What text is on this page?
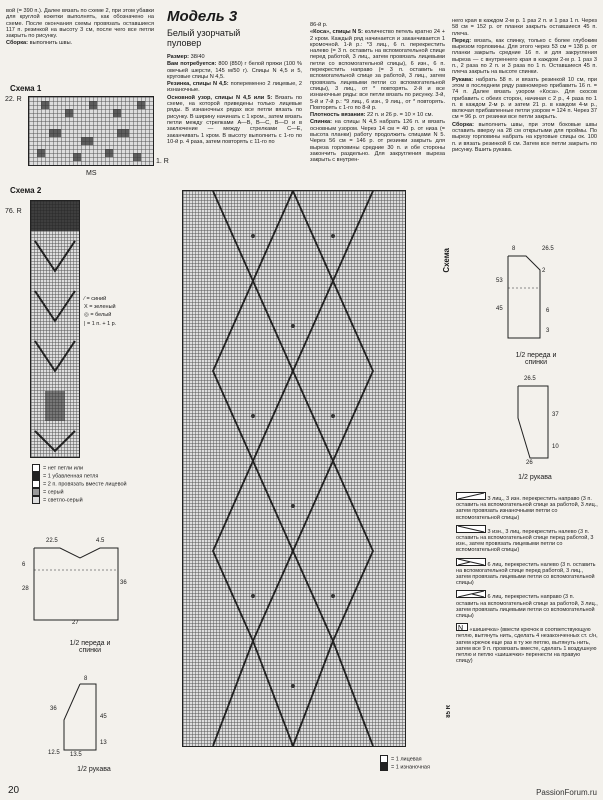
вой (= 390 п.). Далее вязать по схеме 2, при этом убавки для круглой кокетки выполнять, как обозначено на схеме. После окончания схемы провязать оставшиеся 117 п. резинкой на высоту 3 см, после чего все петли закрыть по рисунку.

Сборка: выполнить швы.

Схема 1
22. R
1. R
MS
Схема 2
76. R
⁄ = синий
X = зеленый
◎ = белый
| = 1 п. + 1 р.
= нет петли или
= 1 убавленная петля
= 2 п. провязать вместе лицевой
= серый
= светло-серый
22.5	4.5
6
28
36
27
1/2 переда и спинки
8
36
45
12.5 13.5
13
1/2 рукава
20
Модель 3
Белый узорчатый пуловер

Размер: 38/40

Вам потребуется: 800 (850) г белой пряжи (100 % овечьей шерсти, 145 м/50 г). Спицы N 4,5 и 5, круговые спицы N 4,5.

Резинка, спицы N 4,5: попеременно 2 лицевые, 2 изнаночные.

Основной узор, спицы N 4,5 или 5: Вязать по схеме, на которой приведены только лицевые ряды. В изнаночных рядах все петли вязать по рисунку. В ширину начинать с 1 кром., затем вязать петли между стрелками А—В, В—С, В—D и в заключение — между стрелками C—E, заканчивать 1 кром. В высоту выполнить с 1-го по 10-й р. 4 раза, затем повторять с 11-го по

86-й р.

«Коса», спицы N 5: количество петель кратно 24 + 2 кром. Каждый ряд начинается и заканчивается 1 кромочной. 1-й р.: *3 лиц., 6 п. перекрестить налево (= 3 п. оставить на вспомогательной спице перед работой, 3 лиц., затем провязать лицевыми петли со вспомогательной спицы), 6 изн., 6 п. перекрестить направо (= 3 п. оставить на вспомогательной спице за работой, 3 лиц., затем провязать лицевыми петли со вспомогательной спицы), 3 лиц., от * повторять. 2-й и все изнаночные ряды: все петли вязать по рисунку. 3-й, 5-й и 7-й р.: *9 лиц., 6 изн., 9 лиц., от * повторять. Повторять с 1-го по 8-й р.

Плотность вязания: 22 п. и 26 р. = 10 × 10 см.

Спинка: на спицы N 4,5 набрать 126 п. и вязать основным узором. Через 14 см = 40 р. от низа (= высота планки) работу продолжить спицами N 5. Через 56 см = 146 р. от резинки закрыть для выреза горловины средние 30 п. и обе стороны закончить раздельно. Для закругления выреза закрыть с внутрен-

него края в каждом 2-м р. 1 раз 2 п. и 1 раз 1 п. Через 58 см = 152 р. от планки закрыть оставшиеся 45 п. плеча.

Перед: вязать, как спинку, только с более глубоким вырезом горловины. Для этого через 53 см = 138 р. от планки закрыть средние 16 п. и для закругления выреза — с внутреннего края в каждом 2-м р. 1 раз 3 п., 2 раза по 2 п. и 3 раза по 1 п. Оставшиеся 45 п. плеча закрыть на высоте спинки.

Рукава: набрать 58 п. и вязать резинкой 10 см, при этом в последнем ряду равномерно прибавить 16 п. = 74 п. Далее вязать узором «Коса». Для скосов прибавить с обеих сторон, начиная с 2 р., 4 раза по 1 п. в каждом 2-м р. и затем 21 р. в каждом 4-м р., включая прибавленные петли узором = 124 п. Через 37 см = 96 р. от резинки все петли закрыть.

Сборка: выполнить швы, при этом боковые швы оставить вверху на 28 см открытыми для проймы. По вырезу горловины набрать на круговые спицы ок. 100 п. и вязать резинкой 6 см. Затем все петли закрыть по рисунку. Вшить рукава.

Схема
85 R
= 1 лицевая
= 1 изнаночная
8	26.5
2
53
45	6
3
1/2 переда и спинки
26.5
37
10
26
1/2 рукава
3 лиц., 3 изн. перекрестить направо (3 п. оставить на вспомогательной спице за работой, 3 лиц., затем провязать изнаночными петли со вспомогательной спицы)
3 изн., 3 лиц. перекрестить налево (3 п. оставить на вспомогательной спице перед работой, 3 изн., затем провязать лицевыми петли со вспомогательной спицы)
6 лиц. перекрестить налево (3 п. оставить на вспомогательной спице перед работой, 3 лиц., затем провязать лицевыми петли со вспомогательной спицы)
6 лиц. перекрестить направо (3 п. оставить на вспомогательной спице за работой, 3 лиц., затем провязать лицевыми петли со вспомогательной спицы)
N «шишечка» (ввести крючок в соответствующую петлю, вытянуть нить, сделать 4 незаконченных ст. с/н, затем крючок еще раз в ту же петлю, вытянуть нить, затем все 9 п. провязать вместе, сделать 1 воздушную петлю и петлю «шишечки» перенести на правую спицу)
PassionForum.ru
